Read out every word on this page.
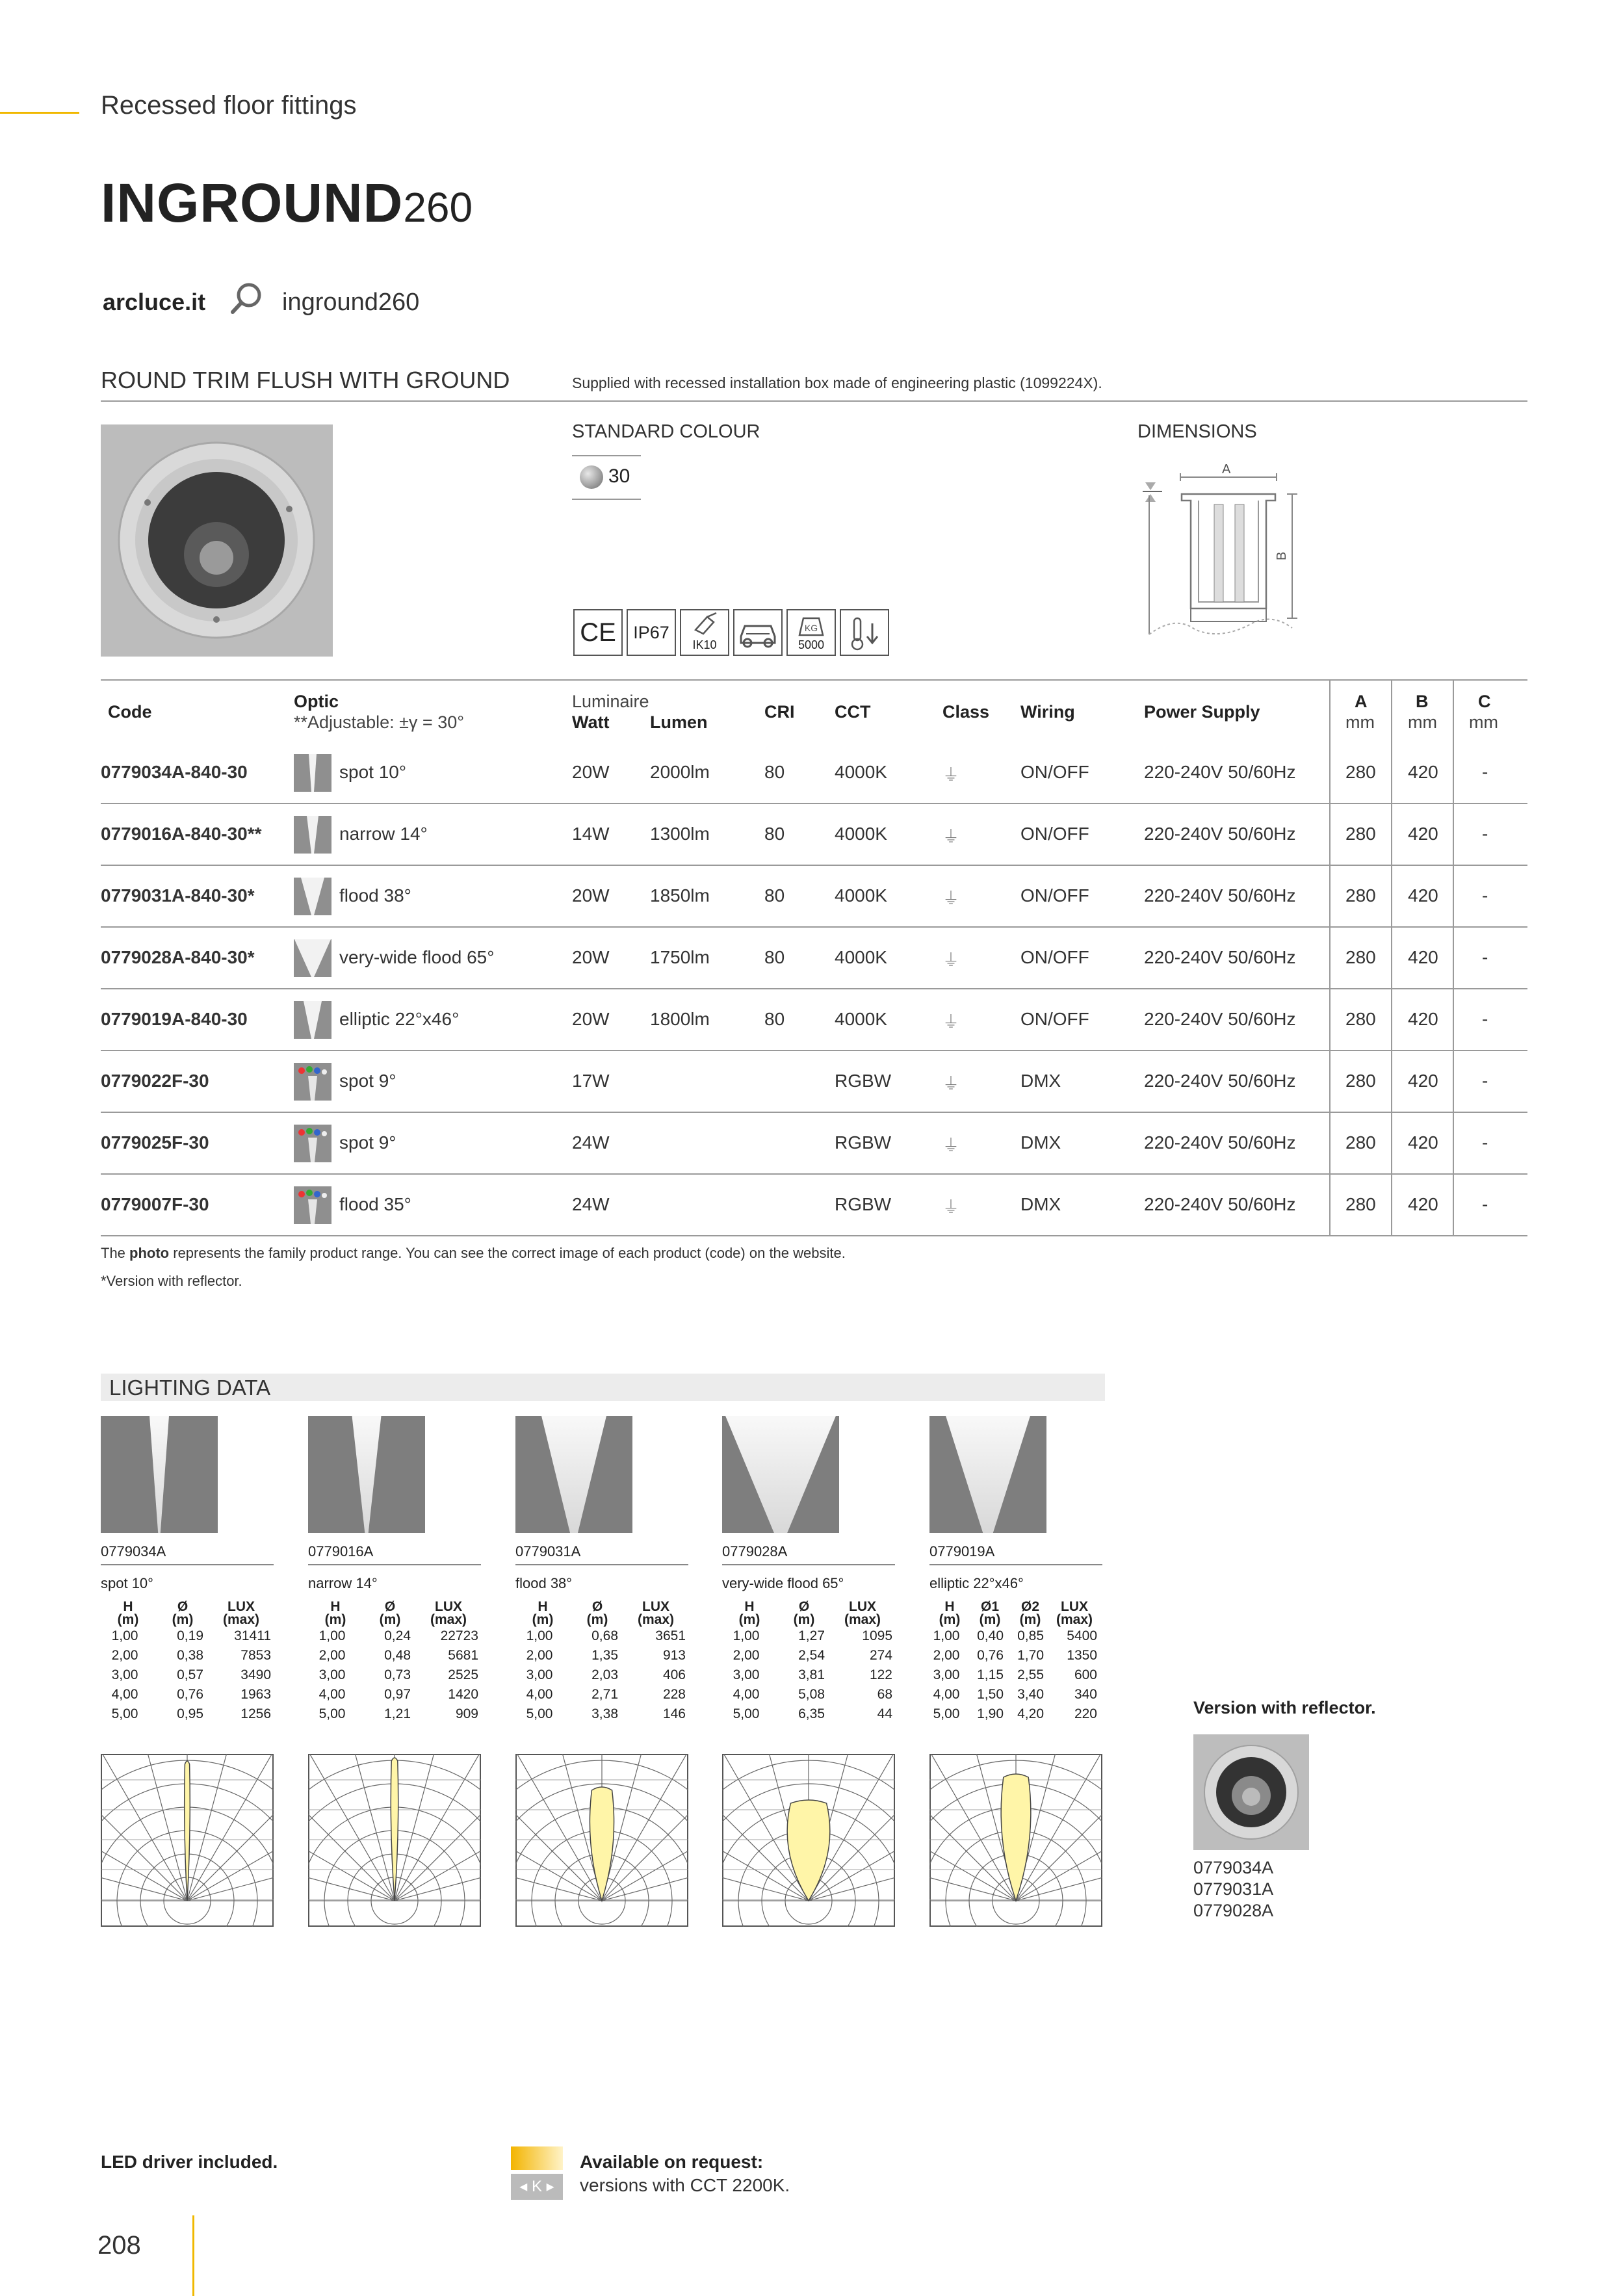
Recessed floor fittings
INGROUND260
arcluce.it	inground260
ROUND TRIM FLUSH WITH GROUND	Supplied with recessed installation box made of engineering plastic (1099224X).
STANDARD COLOUR
30
CE IP67
IK10
KG
5000
DIMENSIONS
A
B
Code
Optic
**Adjustable: ±γ = 30°
Luminaire
Watt Lumen
CRI CCT	Class Wiring	Power Supply
A
mm
B
mm
C
mm
0779034A-840-30	spot 10°	20W 2000lm	80	4000K	⏚	ON/OFF	220-240V 50/60Hz	280 420 -
0779016A-840-30**	narrow 14°	14W 1300lm	80	4000K	⏚	ON/OFF	220-240V 50/60Hz	280 420 -
0779031A-840-30*	flood 38°	20W 1850lm	80	4000K	⏚	ON/OFF	220-240V 50/60Hz	280 420 -
0779028A-840-30*	very-wide flood 65°	20W 1750lm	80	4000K	⏚	ON/OFF	220-240V 50/60Hz	280 420 -
0779019A-840-30	elliptic 22°x46°	20W 1800lm	80	4000K	⏚	ON/OFF	220-240V 50/60Hz	280 420 -
0779022F-30	spot 9°	17W	RGBW	⏚	DMX	220-240V 50/60Hz	280 420 -
0779025F-30	spot 9°	24W	RGBW	⏚	DMX	220-240V 50/60Hz	280 420 -
0779007F-30	flood 35°	24W	RGBW	⏚	DMX	220-240V 50/60Hz	280 420 -
The photo represents the family product range. You can see the correct image of each product (code) on the website.
*Version with reflector.
LIGHTING DATA
0779034A
spot 10°
H
(m)	Ø
(m)	LUX
(max)

1,00	0,19	31411
2,00	0,38	7853
3,00	0,57	3490
4,00	0,76	1963
5,00	0,95	1256
0779016A
narrow 14°
H
(m)	Ø
(m)	LUX
(max)

1,00	0,24	22723
2,00	0,48	5681
3,00	0,73	2525
4,00	0,97	1420
5,00	1,21	909
0779031A
flood 38°
H
(m)	Ø
(m)	LUX
(max)

1,00	0,68	3651
2,00	1,35	913
3,00	2,03	406
4,00	2,71	228
5,00	3,38	146
0779028A
very-wide flood 65°
H
(m)	Ø
(m)	LUX
(max)

1,00	1,27	1095
2,00	2,54	274
3,00	3,81	122
4,00	5,08	68
5,00	6,35	44
0779019A
elliptic 22°x46°
H
(m)	Ø1
(m)	Ø2
(m)	LUX
(max)

1,00	0,40	0,85	5400
2,00	0,76	1,70	1350
3,00	1,15	2,55	600
4,00	1,50	3,40	340
5,00	1,90	4,20	220	Version with reflector.
0779034A
0779031A
0779028A
LED driver included.
◂ K ▸
Available on request:
versions with CCT 2200K.
208
